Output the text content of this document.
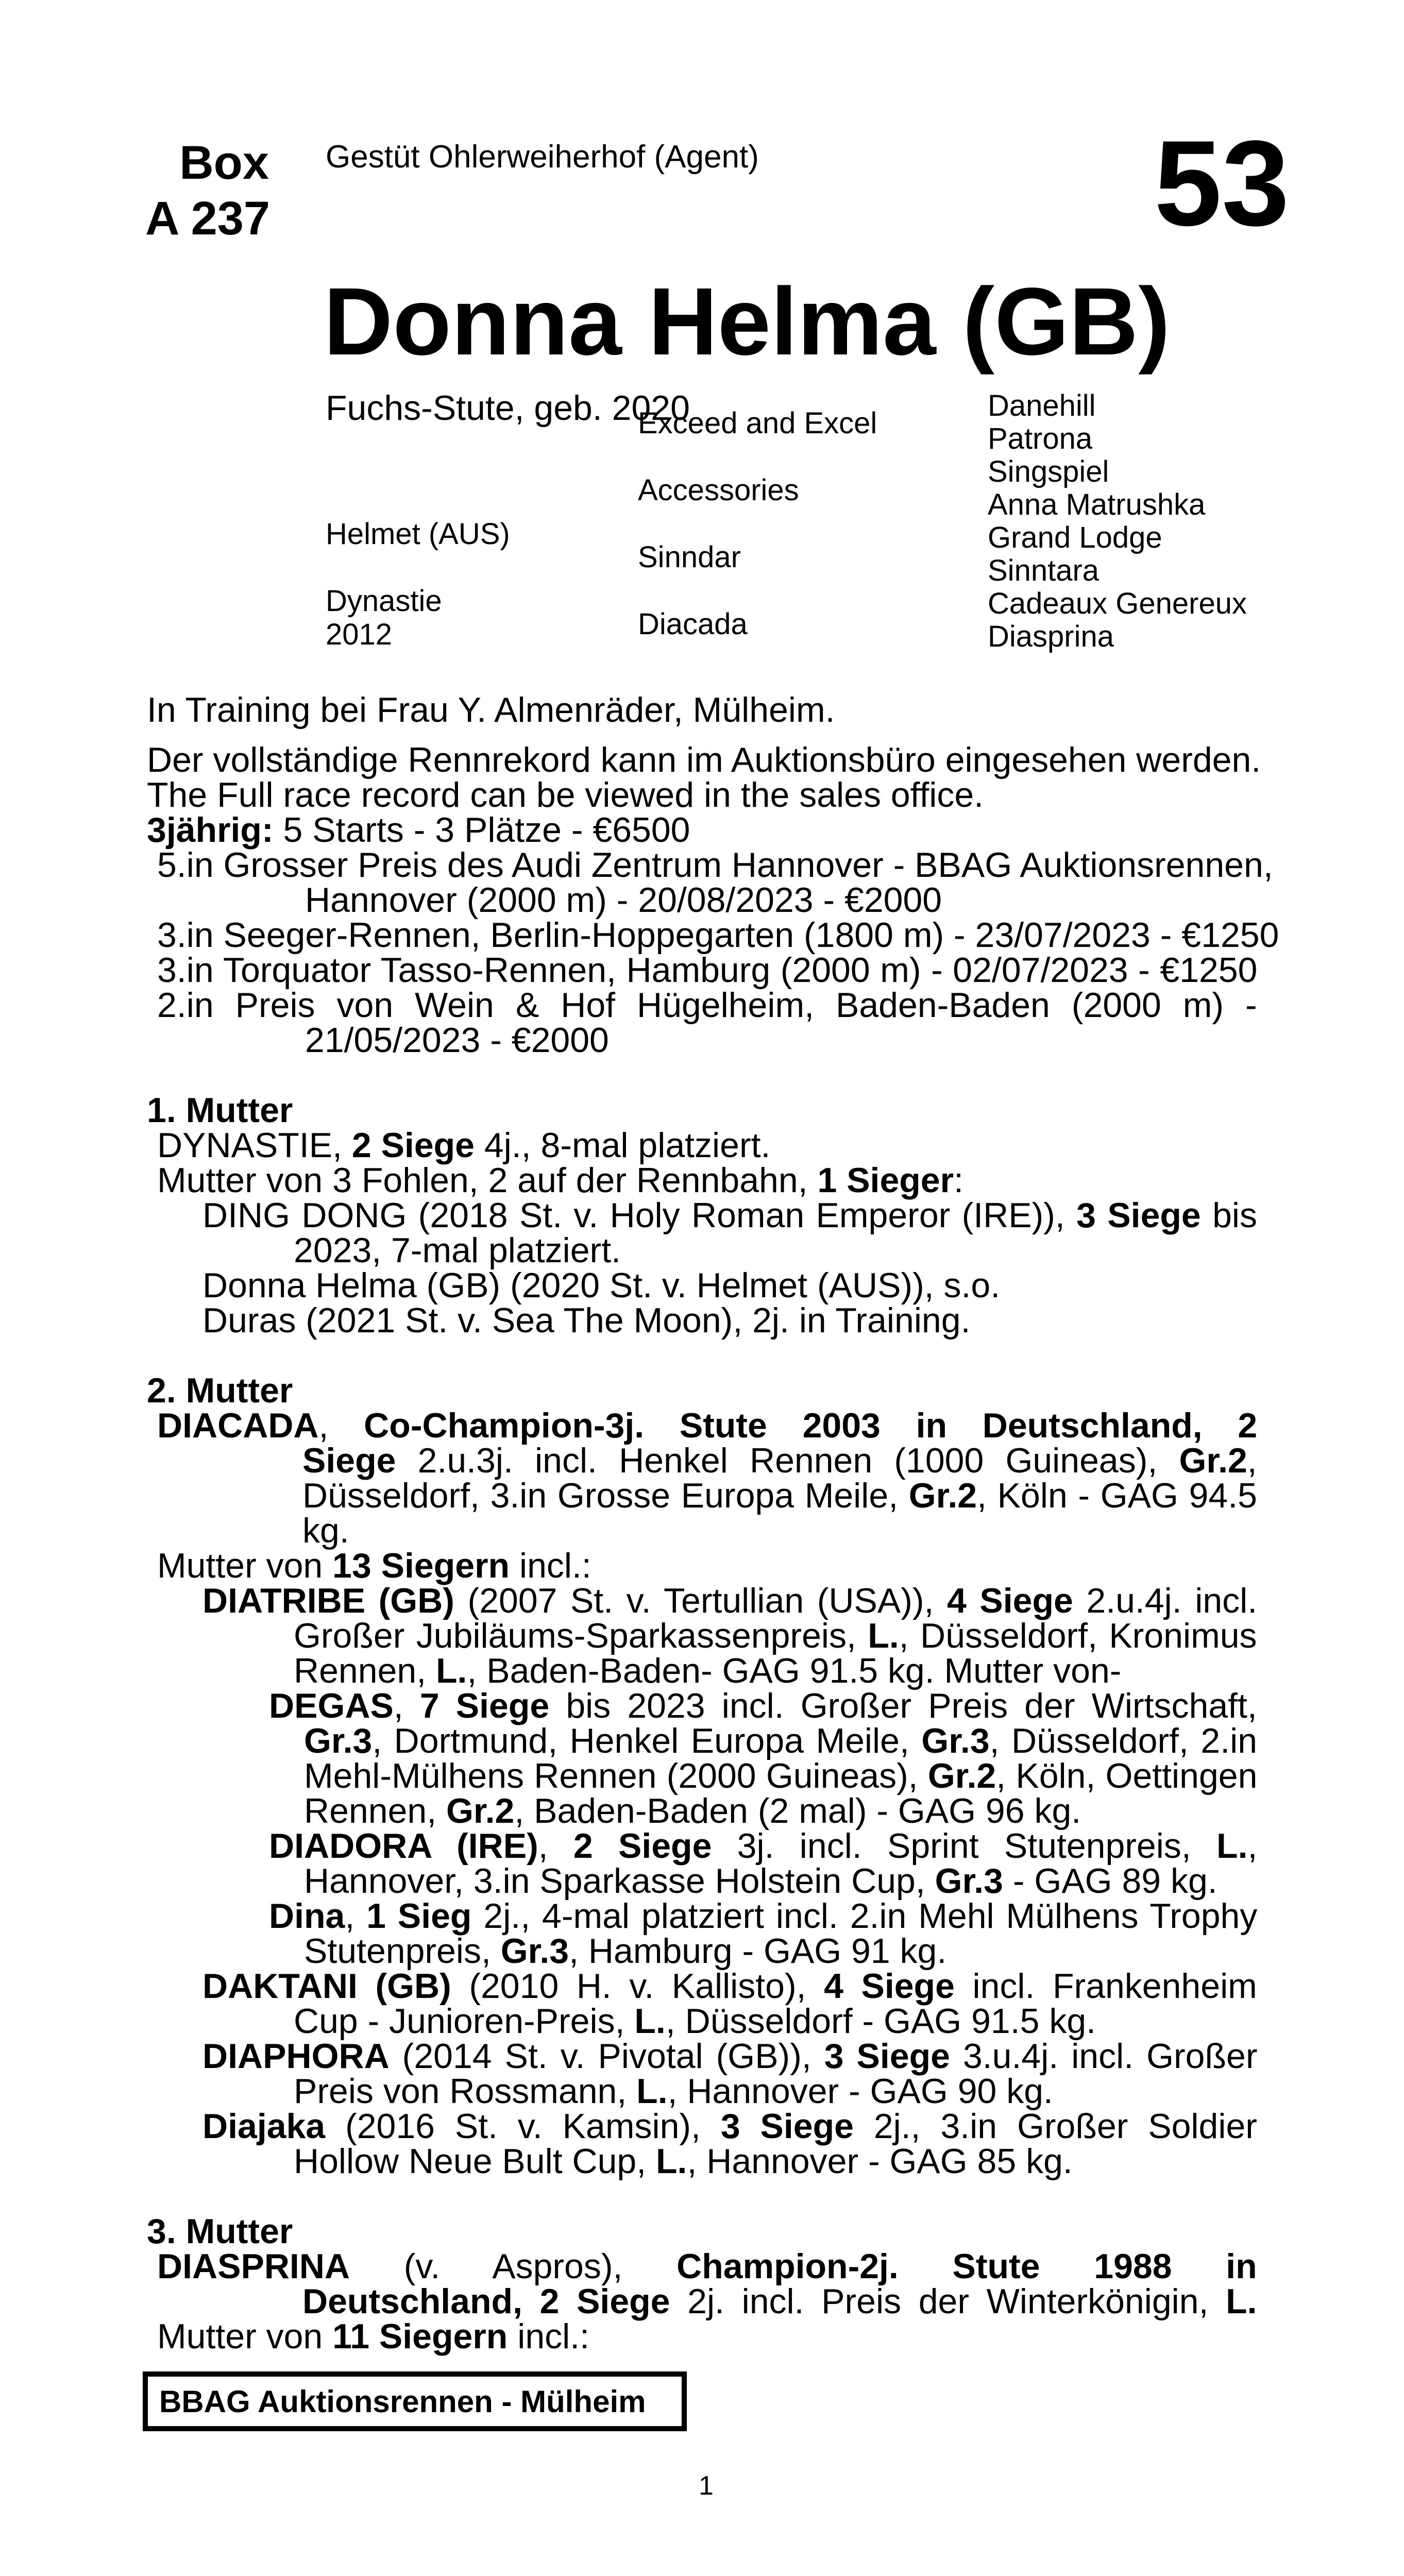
Box
A 237
Gestüt Ohlerweiherhof (Agent)	53
Donna Helma (GB)
Fuchs-Stute, geb. 2020
Helmet (AUS)
Dynastie
2012
Exceed and Excel
Accessories
Sinndar
Diacada
Danehill
Patrona
Singspiel
Anna Matrushka
Grand Lodge
Sinntara
Cadeaux Genereux
Diasprina
In Training bei Frau Y. Almenräder, Mülheim.
Der vollständige Rennrekord kann im Auktionsbüro eingesehen werden.
The Full race record can be viewed in the sales office.
3jährig: 5 Starts - 3 Plätze - €6500
5.in Grosser Preis des Audi Zentrum Hannover - BBAG Auktionsrennen,
Hannover (2000 m) - 20/08/2023 - €2000
3.in Seeger-Rennen, Berlin-Hoppegarten (1800 m) - 23/07/2023 - €1250
3.in Torquator Tasso-Rennen, Hamburg (2000 m) - 02/07/2023 - €1250
2.in Preis von Wein & Hof Hügelheim, Baden-Baden (2000 m) -
21/05/2023 - €2000
1. Mutter
DYNASTIE, 2 Siege 4j., 8-mal platziert.
Mutter von 3 Fohlen, 2 auf der Rennbahn, 1 Sieger:
DING DONG (2018 St. v. Holy Roman Emperor (IRE)), 3 Siege bis
2023, 7-mal platziert.
Donna Helma (GB) (2020 St. v. Helmet (AUS)), s.o.
Duras (2021 St. v. Sea The Moon), 2j. in Training.
2. Mutter
DIACADA, Co-Champion-3j. Stute 2003 in Deutschland, 2
Siege 2.u.3j. incl. Henkel Rennen (1000 Guineas), Gr.2,
Düsseldorf, 3.in Grosse Europa Meile, Gr.2, Köln - GAG 94.5
kg.
Mutter von 13 Siegern incl.:
DIATRIBE (GB) (2007 St. v. Tertullian (USA)), 4 Siege 2.u.4j. incl.
Großer Jubiläums-Sparkassenpreis, L., Düsseldorf, Kronimus
Rennen, L., Baden-Baden- GAG 91.5 kg. Mutter von-
DEGAS, 7 Siege bis 2023 incl. Großer Preis der Wirtschaft,
Gr.3, Dortmund, Henkel Europa Meile, Gr.3, Düsseldorf, 2.in
Mehl-Mülhens Rennen (2000 Guineas), Gr.2, Köln, Oettingen
Rennen, Gr.2, Baden-Baden (2 mal) - GAG 96 kg.
DIADORA (IRE), 2 Siege 3j. incl. Sprint Stutenpreis, L.,
Hannover, 3.in Sparkasse Holstein Cup, Gr.3 - GAG 89 kg.
Dina, 1 Sieg 2j., 4-mal platziert incl. 2.in Mehl Mülhens Trophy
Stutenpreis, Gr.3, Hamburg - GAG 91 kg.
DAKTANI (GB) (2010 H. v. Kallisto), 4 Siege incl. Frankenheim
Cup - Junioren-Preis, L., Düsseldorf - GAG 91.5 kg.
DIAPHORA (2014 St. v. Pivotal (GB)), 3 Siege 3.u.4j. incl. Großer
Preis von Rossmann, L., Hannover - GAG 90 kg.
Diajaka (2016 St. v. Kamsin), 3 Siege 2j., 3.in Großer Soldier
Hollow Neue Bult Cup, L., Hannover - GAG 85 kg.
3. Mutter
DIASPRINA (v. Aspros), Champion-2j. Stute 1988 in
Deutschland, 2 Siege 2j. incl. Preis der Winterkönigin, L.
Mutter von 11 Siegern incl.:
BBAG Auktionsrennen - Mülheim
1
